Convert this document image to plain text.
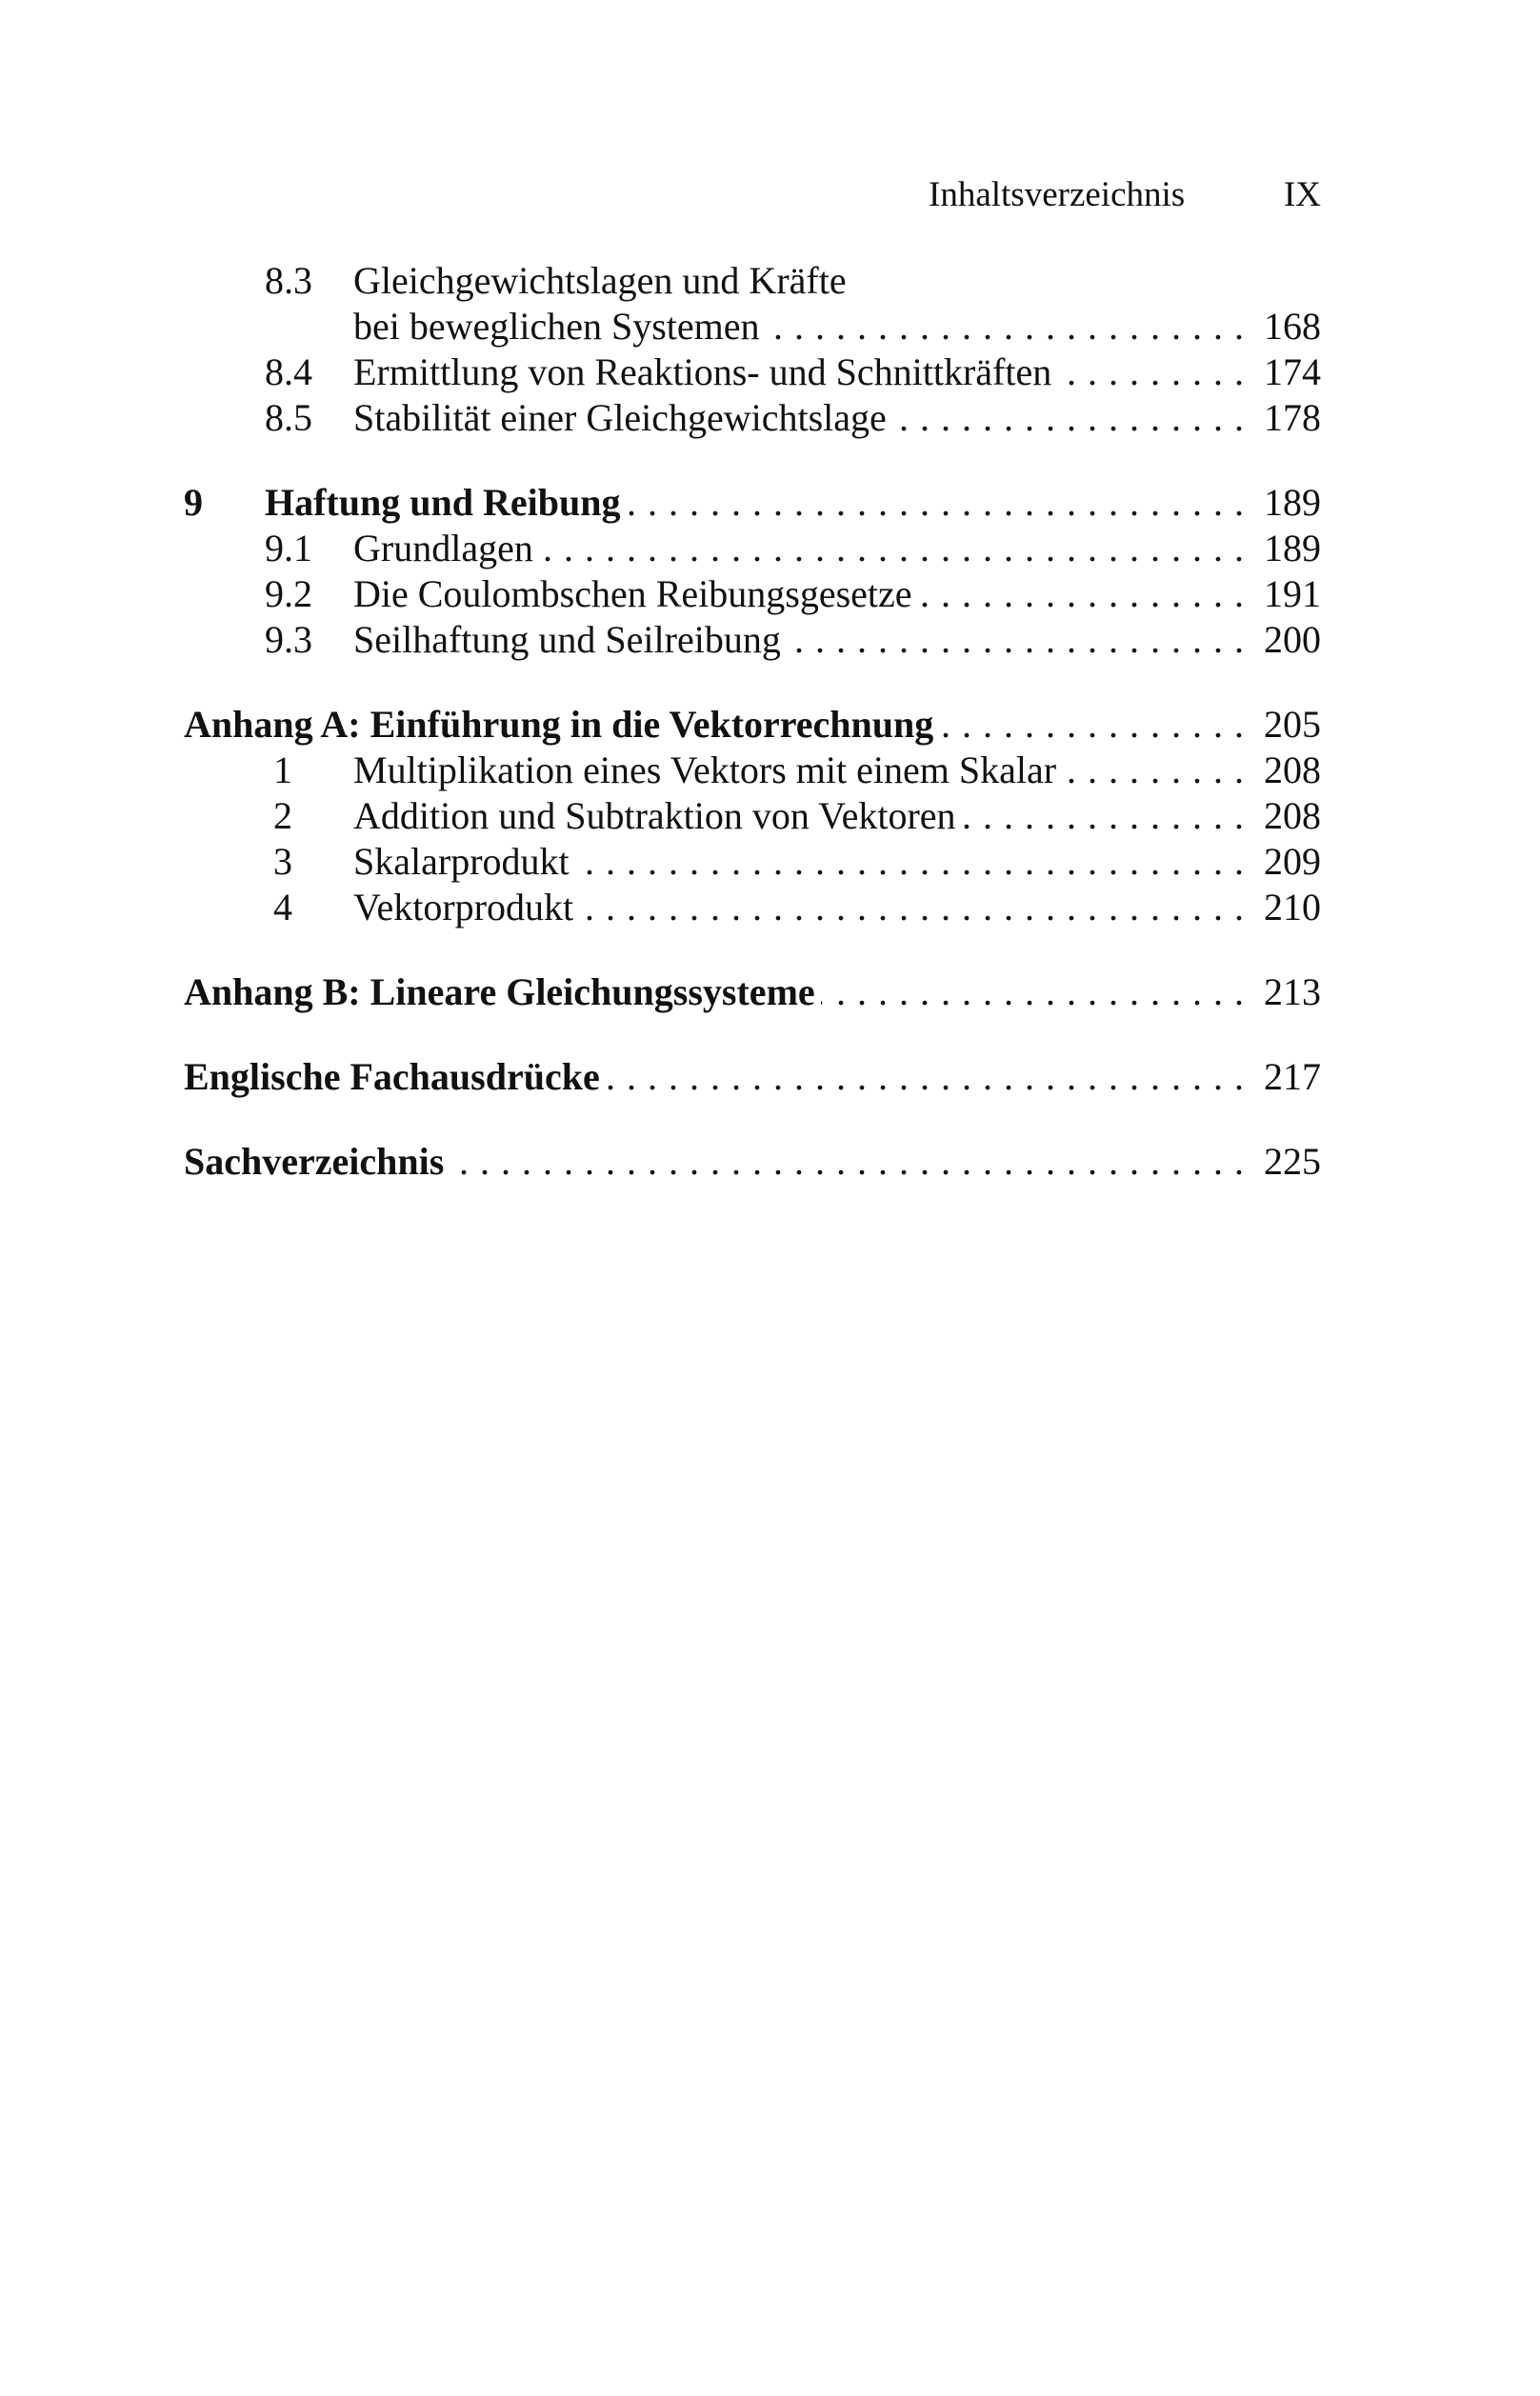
Inhaltsverzeichnis	IX
8.3 Gleichgewichtslagen und Kräfte
bei beweglichen Systemen . . .	168
8.4 Ermittlung von Reaktions- und Schnittkräften . . .	174
8.5 Stabilität einer Gleichgewichtslage . . .	178
9 Haftung und Reibung . . .	189
9.1 Grundlagen . . .	189
9.2 Die Coulombschen Reibungsgesetze . . .	191
9.3 Seilhaftung und Seilreibung . . .	200
Anhang A: Einführung in die Vektorrechnung . . .	205
1 Multiplikation eines Vektors mit einem Skalar . . .	208
2 Addition und Subtraktion von Vektoren . . .	208
3 Skalarprodukt . . .	209
4 Vektorprodukt . . .	210
Anhang B: Lineare Gleichungssysteme . . .	213
Englische Fachausdrücke . . .	217
Sachverzeichnis . . .	225
